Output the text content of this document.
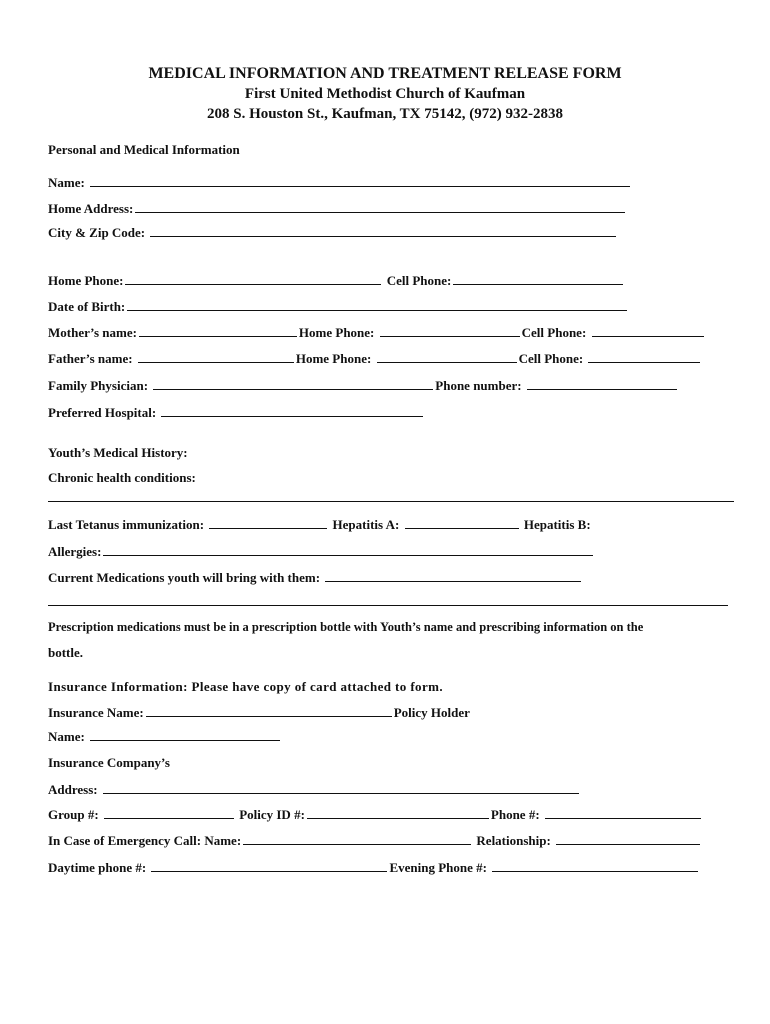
MEDICAL INFORMATION AND TREATMENT RELEASE FORM
First United Methodist Church of Kaufman
208 S. Houston St., Kaufman, TX 75142, (972) 932-2838
Personal and Medical Information
Name:
Home Address:
City & Zip Code:
Home Phone:	Cell Phone:
Date of Birth:
Mother’s name:	Home Phone:	Cell Phone:
Father’s name:	Home Phone:	Cell Phone:
Family Physician:	Phone number:
Preferred Hospital:
Youth’s Medical History:
Chronic health conditions:
Last Tetanus immunization:	Hepatitis A:	Hepatitis B:
Allergies:
Current Medications youth will bring with them:
Prescription medications must be in a prescription bottle with Youth’s name and prescribing information on the
bottle.
Insurance Information: Please have copy of card attached to form.
Insurance Name:	Policy Holder
Name:
Insurance Company’s
Address:
Group #:	Policy ID #:	Phone #:
In Case of Emergency Call: Name:	Relationship:
Daytime phone #:	Evening Phone #:
